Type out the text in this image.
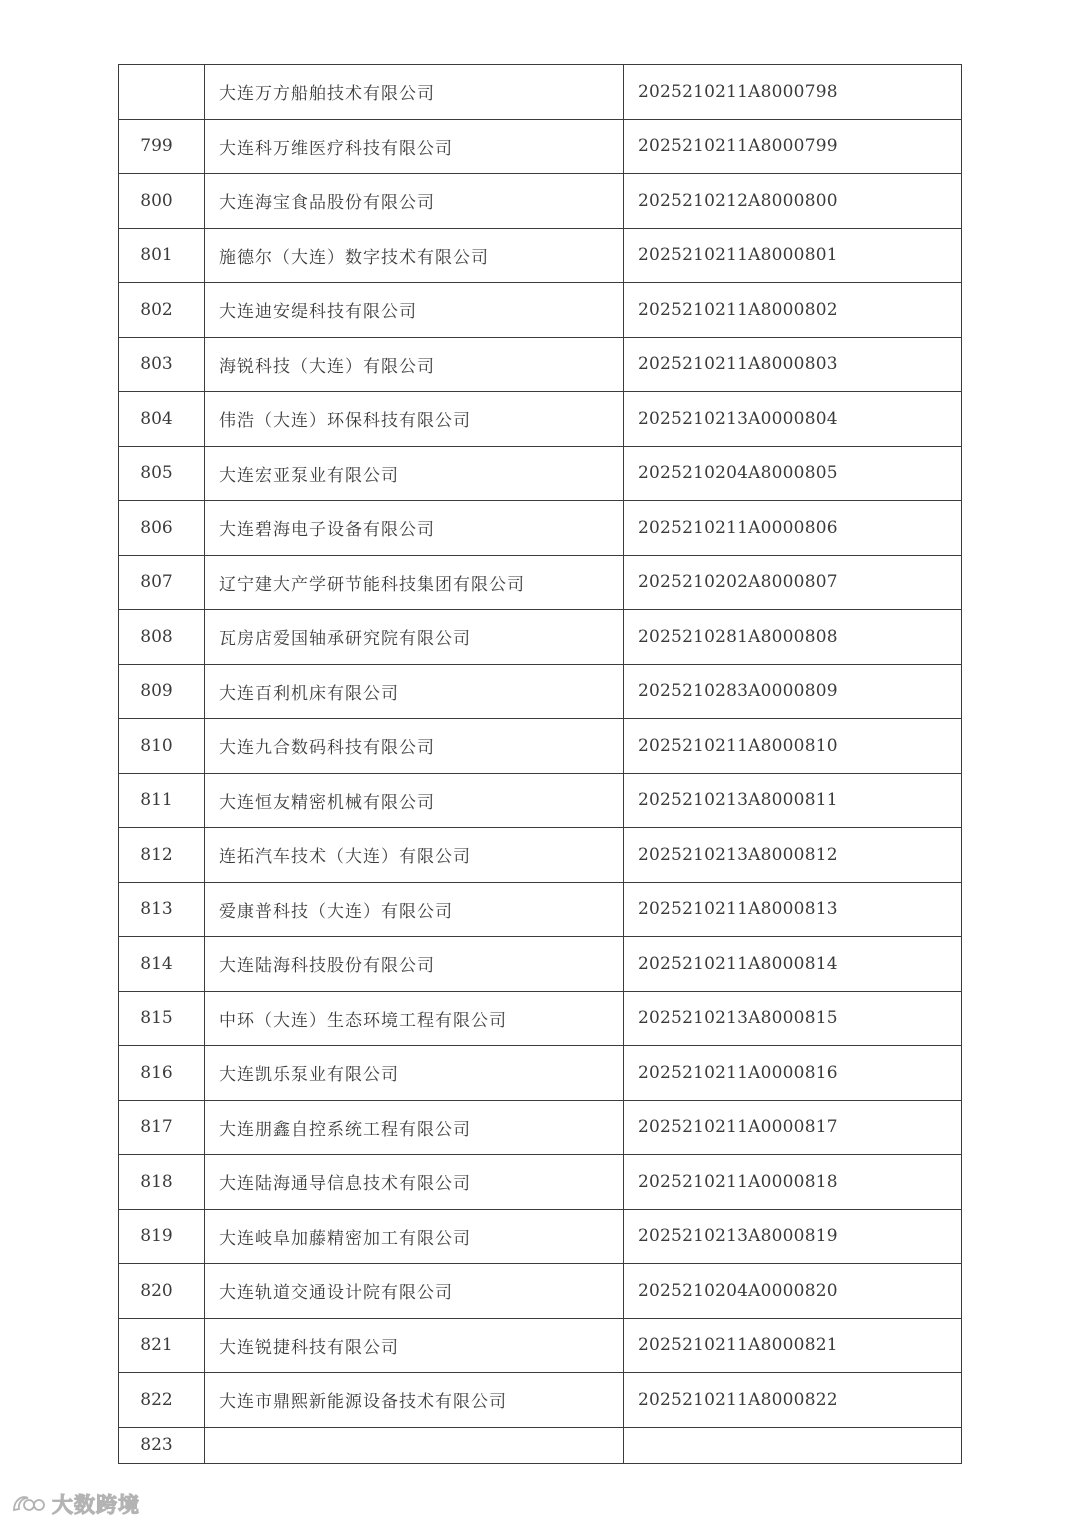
	大连万方船舶技术有限公司	2025210211A8000798
799	大连科万维医疗科技有限公司	2025210211A8000799
800	大连海宝食品股份有限公司	2025210212A8000800
801	施德尔（大连）数字技术有限公司	2025210211A8000801
802	大连迪安缇科技有限公司	2025210211A8000802
803	海锐科技（大连）有限公司	2025210211A8000803
804	伟浩（大连）环保科技有限公司	2025210213A0000804
805	大连宏亚泵业有限公司	2025210204A8000805
806	大连碧海电子设备有限公司	2025210211A0000806
807	辽宁建大产学研节能科技集团有限公司	2025210202A8000807
808	瓦房店爱国轴承研究院有限公司	2025210281A8000808
809	大连百利机床有限公司	2025210283A0000809
810	大连九合数码科技有限公司	2025210211A8000810
811	大连恒友精密机械有限公司	2025210213A8000811
812	连拓汽车技术（大连）有限公司	2025210213A8000812
813	爱康普科技（大连）有限公司	2025210211A8000813
814	大连陆海科技股份有限公司	2025210211A8000814
815	中环（大连）生态环境工程有限公司	2025210213A8000815
816	大连凯乐泵业有限公司	2025210211A0000816
817	大连朋鑫自控系统工程有限公司	2025210211A0000817
818	大连陆海通导信息技术有限公司	2025210211A0000818
819	大连岐阜加藤精密加工有限公司	2025210213A8000819
820	大连轨道交通设计院有限公司	2025210204A0000820
821	大连锐捷科技有限公司	2025210211A8000821
822	大连市鼎熙新能源设备技术有限公司	2025210211A8000822
823		
大数跨境
